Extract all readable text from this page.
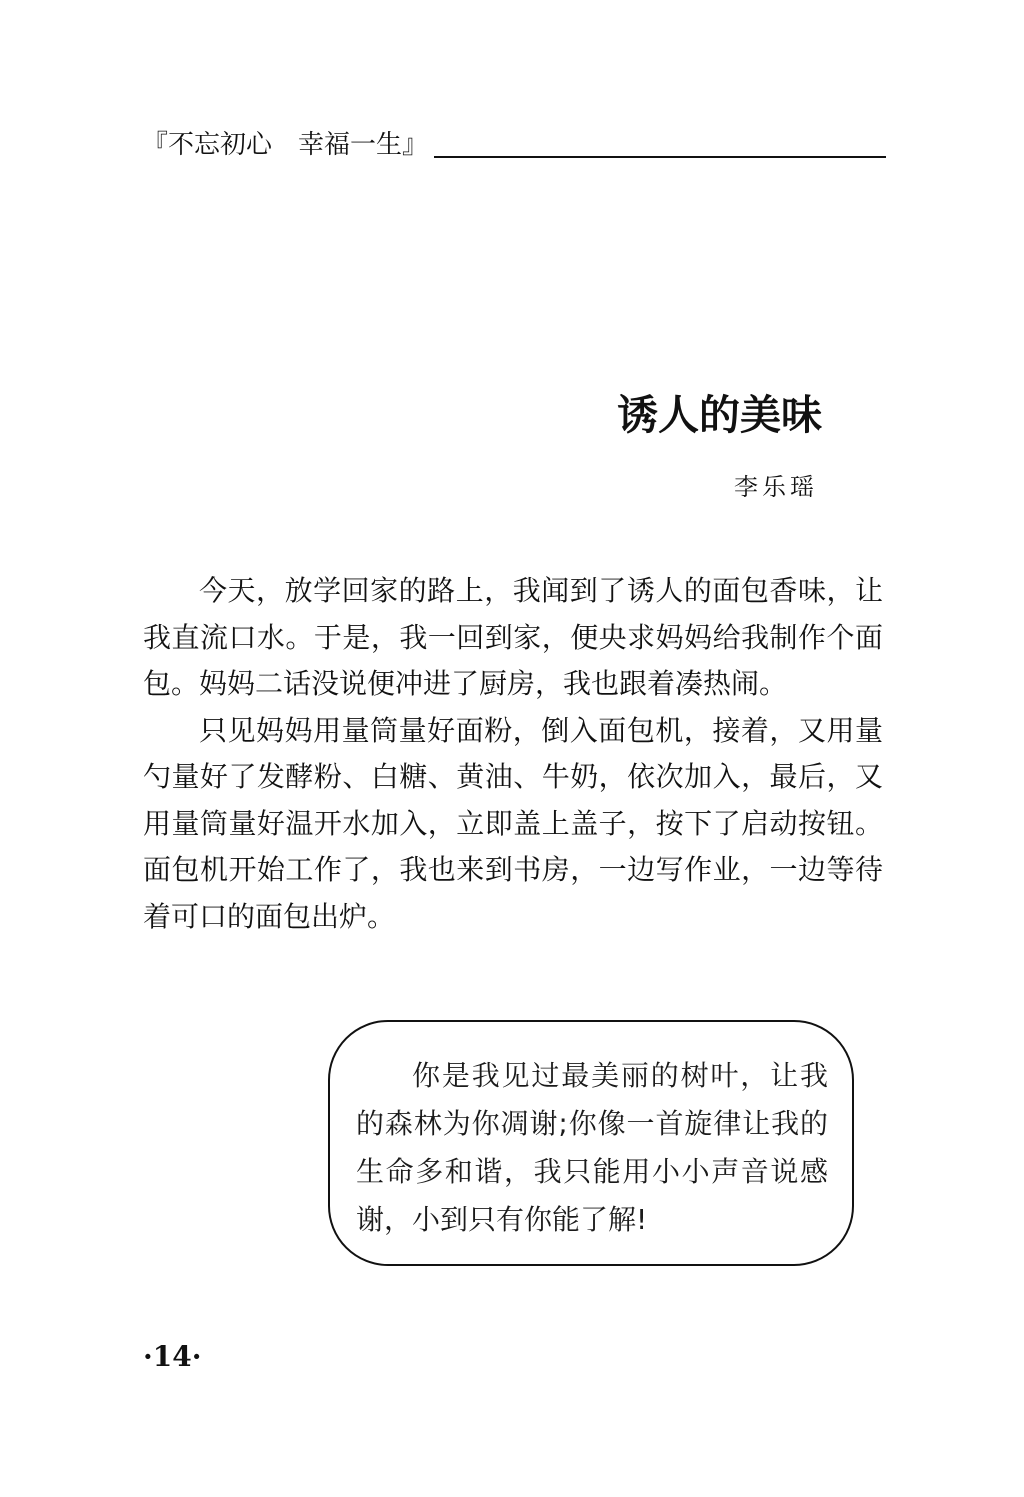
『不忘初心　幸福一生』
诱人的美味
李乐瑶

今天，放学回家的路上，我闻到了诱人的面包香味，让我直流口水。于是，我一回到家，便央求妈妈给我制作个面包。妈妈二话没说便冲进了厨房，我也跟着凑热闹。

只见妈妈用量筒量好面粉，倒入面包机，接着，又用量勺量好了发酵粉、白糖、黄油、牛奶，依次加入，最后，又用量筒量好温开水加入，立即盖上盖子，按下了启动按钮。面包机开始工作了，我也来到书房，一边写作业，一边等待着可口的面包出炉。

你是我见过最美丽的树叶，让我的森林为你凋谢;你像一首旋律让我的生命多和谐，我只能用小小声音说感谢，小到只有你能了解!

·14·
